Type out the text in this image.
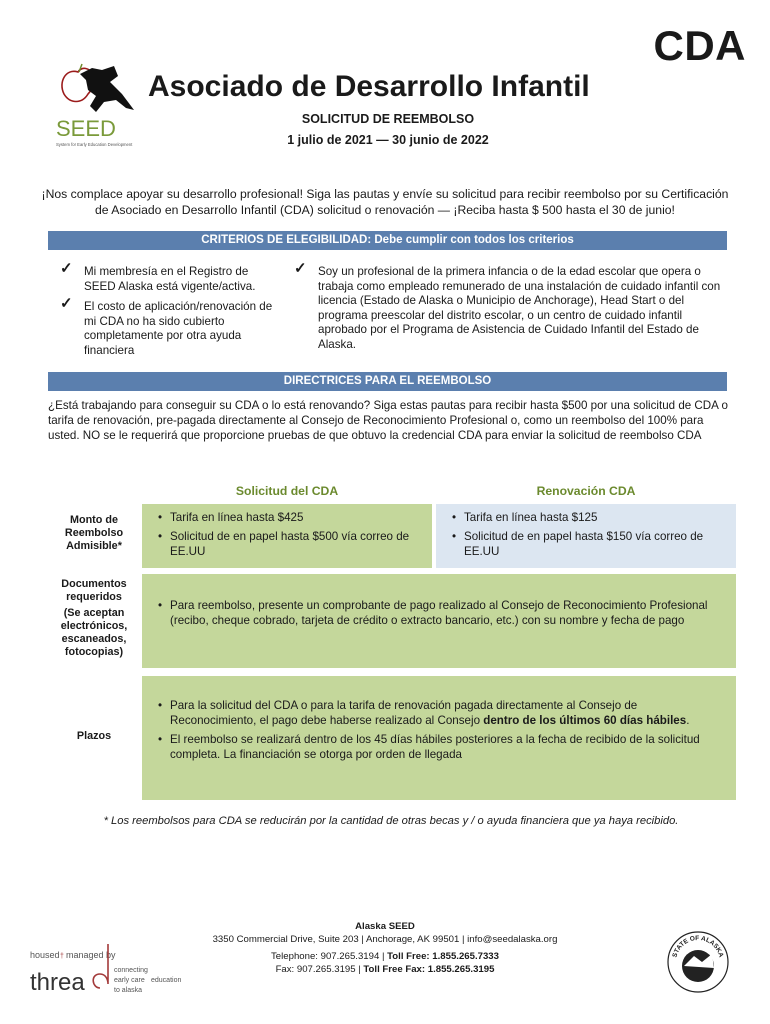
SEED
System for Early Education Development
CDA
Asociado de Desarrollo Infantil
SOLICITUD DE REEMBOLSO
1 julio de 2021 — 30 junio de 2022
¡Nos complace apoyar su desarrollo profesional! Siga las pautas y envíe su solicitud para recibir reembolso por su Certificación de Asociado en Desarrollo Infantil (CDA) solicitud o renovación — ¡Reciba hasta $ 500 hasta el 30 de junio!
CRITERIOS DE ELEGIBILIDAD: Debe cumplir con todos los criterios
✓ Mi membresía en el Registro de SEED Alaska está vigente/activa.
✓ El costo de aplicación/renovación de mi CDA no ha sido cubierto completamente por otra ayuda financiera
✓ Soy un profesional de la primera infancia o de la edad escolar que opera o trabaja como empleado remunerado de una instalación de cuidado infantil con licencia (Estado de Alaska o Municipio de Anchorage), Head Start o del programa preescolar del distrito escolar, o un centro de cuidado infantil aprobado por el Programa de Asistencia de Cuidado Infantil del Estado de Alaska.
DIRECTRICES PARA EL REEMBOLSO
¿Está trabajando para conseguir su CDA o lo está renovando? Siga estas pautas para recibir hasta $500 por una solicitud de CDA o tarifa de renovación, pre-pagada directamente al Consejo de Reconocimiento Profesional o, como un reembolso del 100% para usted. NO se le requerirá que proporcione pruebas de que obtuvo la credencial CDA para enviar la solicitud de reembolso CDA
Solicitud del CDA	Renovación CDA
Monto de Reembolso Admisible*
• Tarifa en línea hasta $425
• Solicitud de en papel hasta $500 vía correo de EE.UU
• Tarifa en línea hasta $125
• Solicitud de en papel hasta $150 vía correo de EE.UU
Documentos requeridos
(Se aceptan electrónicos, escaneados, fotocopias)
• Para reembolso, presente un comprobante de pago realizado al Consejo de Reconocimiento Profesional (recibo, cheque cobrado, tarjeta de crédito o extracto bancario, etc.) con su nombre y fecha de pago
Plazos
• Para la solicitud del CDA o para la tarifa de renovación pagada directamente al Consejo de Reconocimiento, el pago debe haberse realizado al Consejo dentro de los últimos 60 días hábiles.
• El reembolso se realizará dentro de los 45 días hábiles posteriores a la fecha de recibido de la solicitud completa. La financiación se otorga por orden de llegada
* Los reembolsos para CDA se reducirán por la cantidad de otras becas y / o ayuda financiera que ya haya recibido.
Alaska SEED
3350 Commercial Drive, Suite 203 | Anchorage, AK 99501 | info@seedalaska.org
Telephone: 907.265.3194 | Toll Free: 1.855.265.7333
Fax: 907.265.3195 | Toll Free Fax: 1.855.265.3195
housed † managed by
threa	connecting
early care education
to alaska
STATE OF ALASKA
